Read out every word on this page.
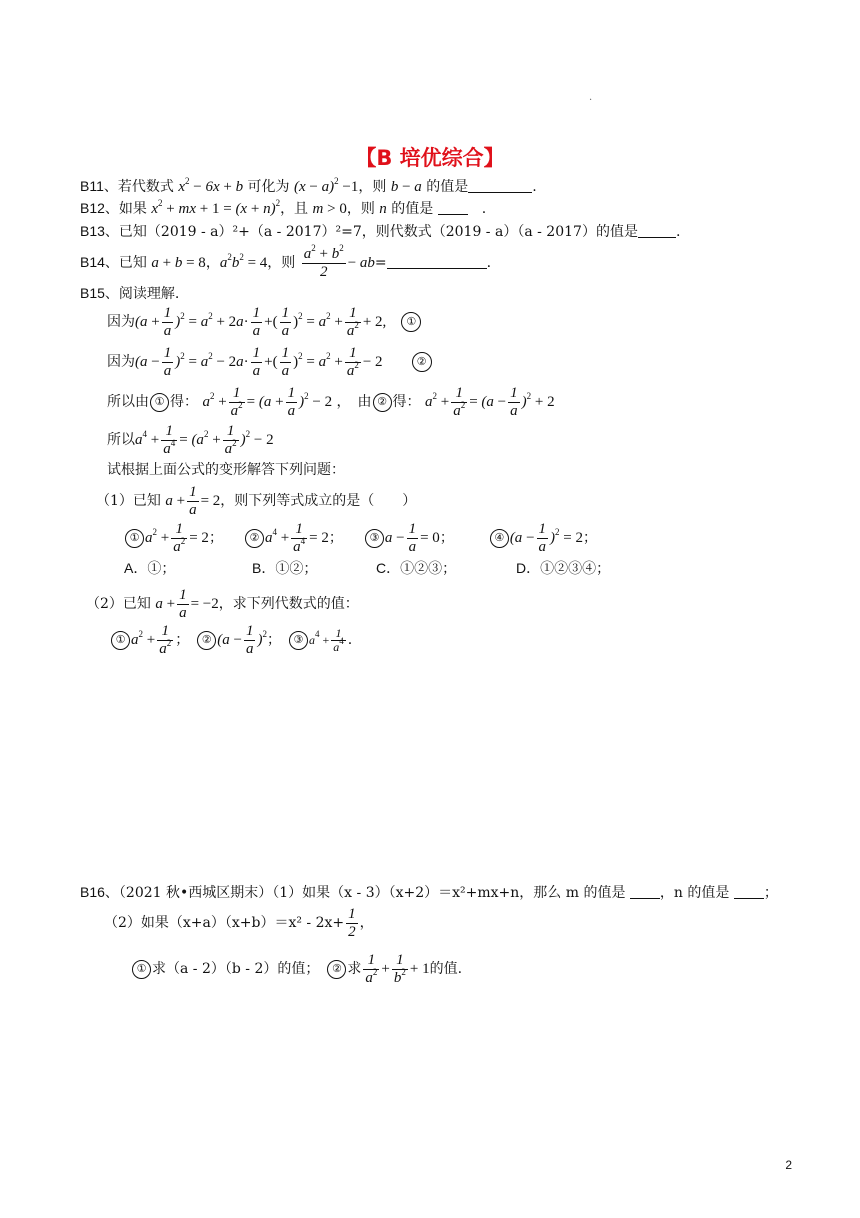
.
【B 培优综合】
B11、若代数式 $x^2 - 6x + b$ 可化为 $(x - a)^2 -1$，则 b − a 的值是	.
B12、如果 $x^2$ + mx + $1 = (x + n)^2$，且 m > 0，则 n 的值是 　	.
B13、已知（2019 - a）²+（a - 2017）²=7，则代数式（2019 - a）（a - 2017）的值是	.
B14、已知 a + b = 8，$a^2b^2 = 4$，则 $\frac{a^2 + b^2}{2} - ab=$	.
B15、阅读理解.
因为$(a + \frac{1}{a} )^2 = a^2 + 2a\cdot \frac{1}{a}$ +( $\frac{1}{a} )^2 = a^2 + \frac{1}{a^2} + 2$,　 ①
因为$(a - \frac{1}{a} )^2 = a^2 - 2a\cdot \frac{1}{a}$ +( $\frac{1}{a} )^2 = a^2 + \frac{1}{a^2} - 2$　　	②
所以由 ① 得： $a^2 + \frac{1}{a^2} = (a + \frac{1}{a} )^2 - 2$ ，　由 ② 得： $a^2 + \frac{1}{a^2} = (a - \frac{1}{a} )^2 + 2$
所以$a^4 + \frac{1}{a^4} = (a^2 + \frac{1}{a^2} )^2 - 2$
试根据上面公式的变形解答下列问题：
（1）已知 $a + \frac{1}{a} = 2$，则下列等式成立的是（　　）
① $a^2 + \frac{1}{a^2} = 2$；　　② $a^4 + \frac{1}{a^4} = 2$；　　③ $a - \frac{1}{a} = 0$；　　　④ $(a - \frac{1}{a} )^2 = 2$；
A．①；	B．①②；	C．①②③；	D．①②③④；
（2）已知 $a + \frac{1}{a} = -2$，求下列代数式的值：
① $a^2 + \frac{1}{a^2}$ ；　② $(a - \frac{1}{a} )^2$；　③ $a^4 + \frac{1}{a^4}$ .
B16、（2021 秋•西城区期末）（1）如果（x - 3）（x+2）＝x²+mx+n，那么 m 的值是 ，n 的值是 ；
（2）如果$(x+a)(x+b)=x^2 - 2x+ \frac{1}{2}$ ，
① 求（a - 2）（b - 2）的值；　 ② 求 $\frac{1}{a^2} + \frac{1}{b^2} + 1$的值.
2
